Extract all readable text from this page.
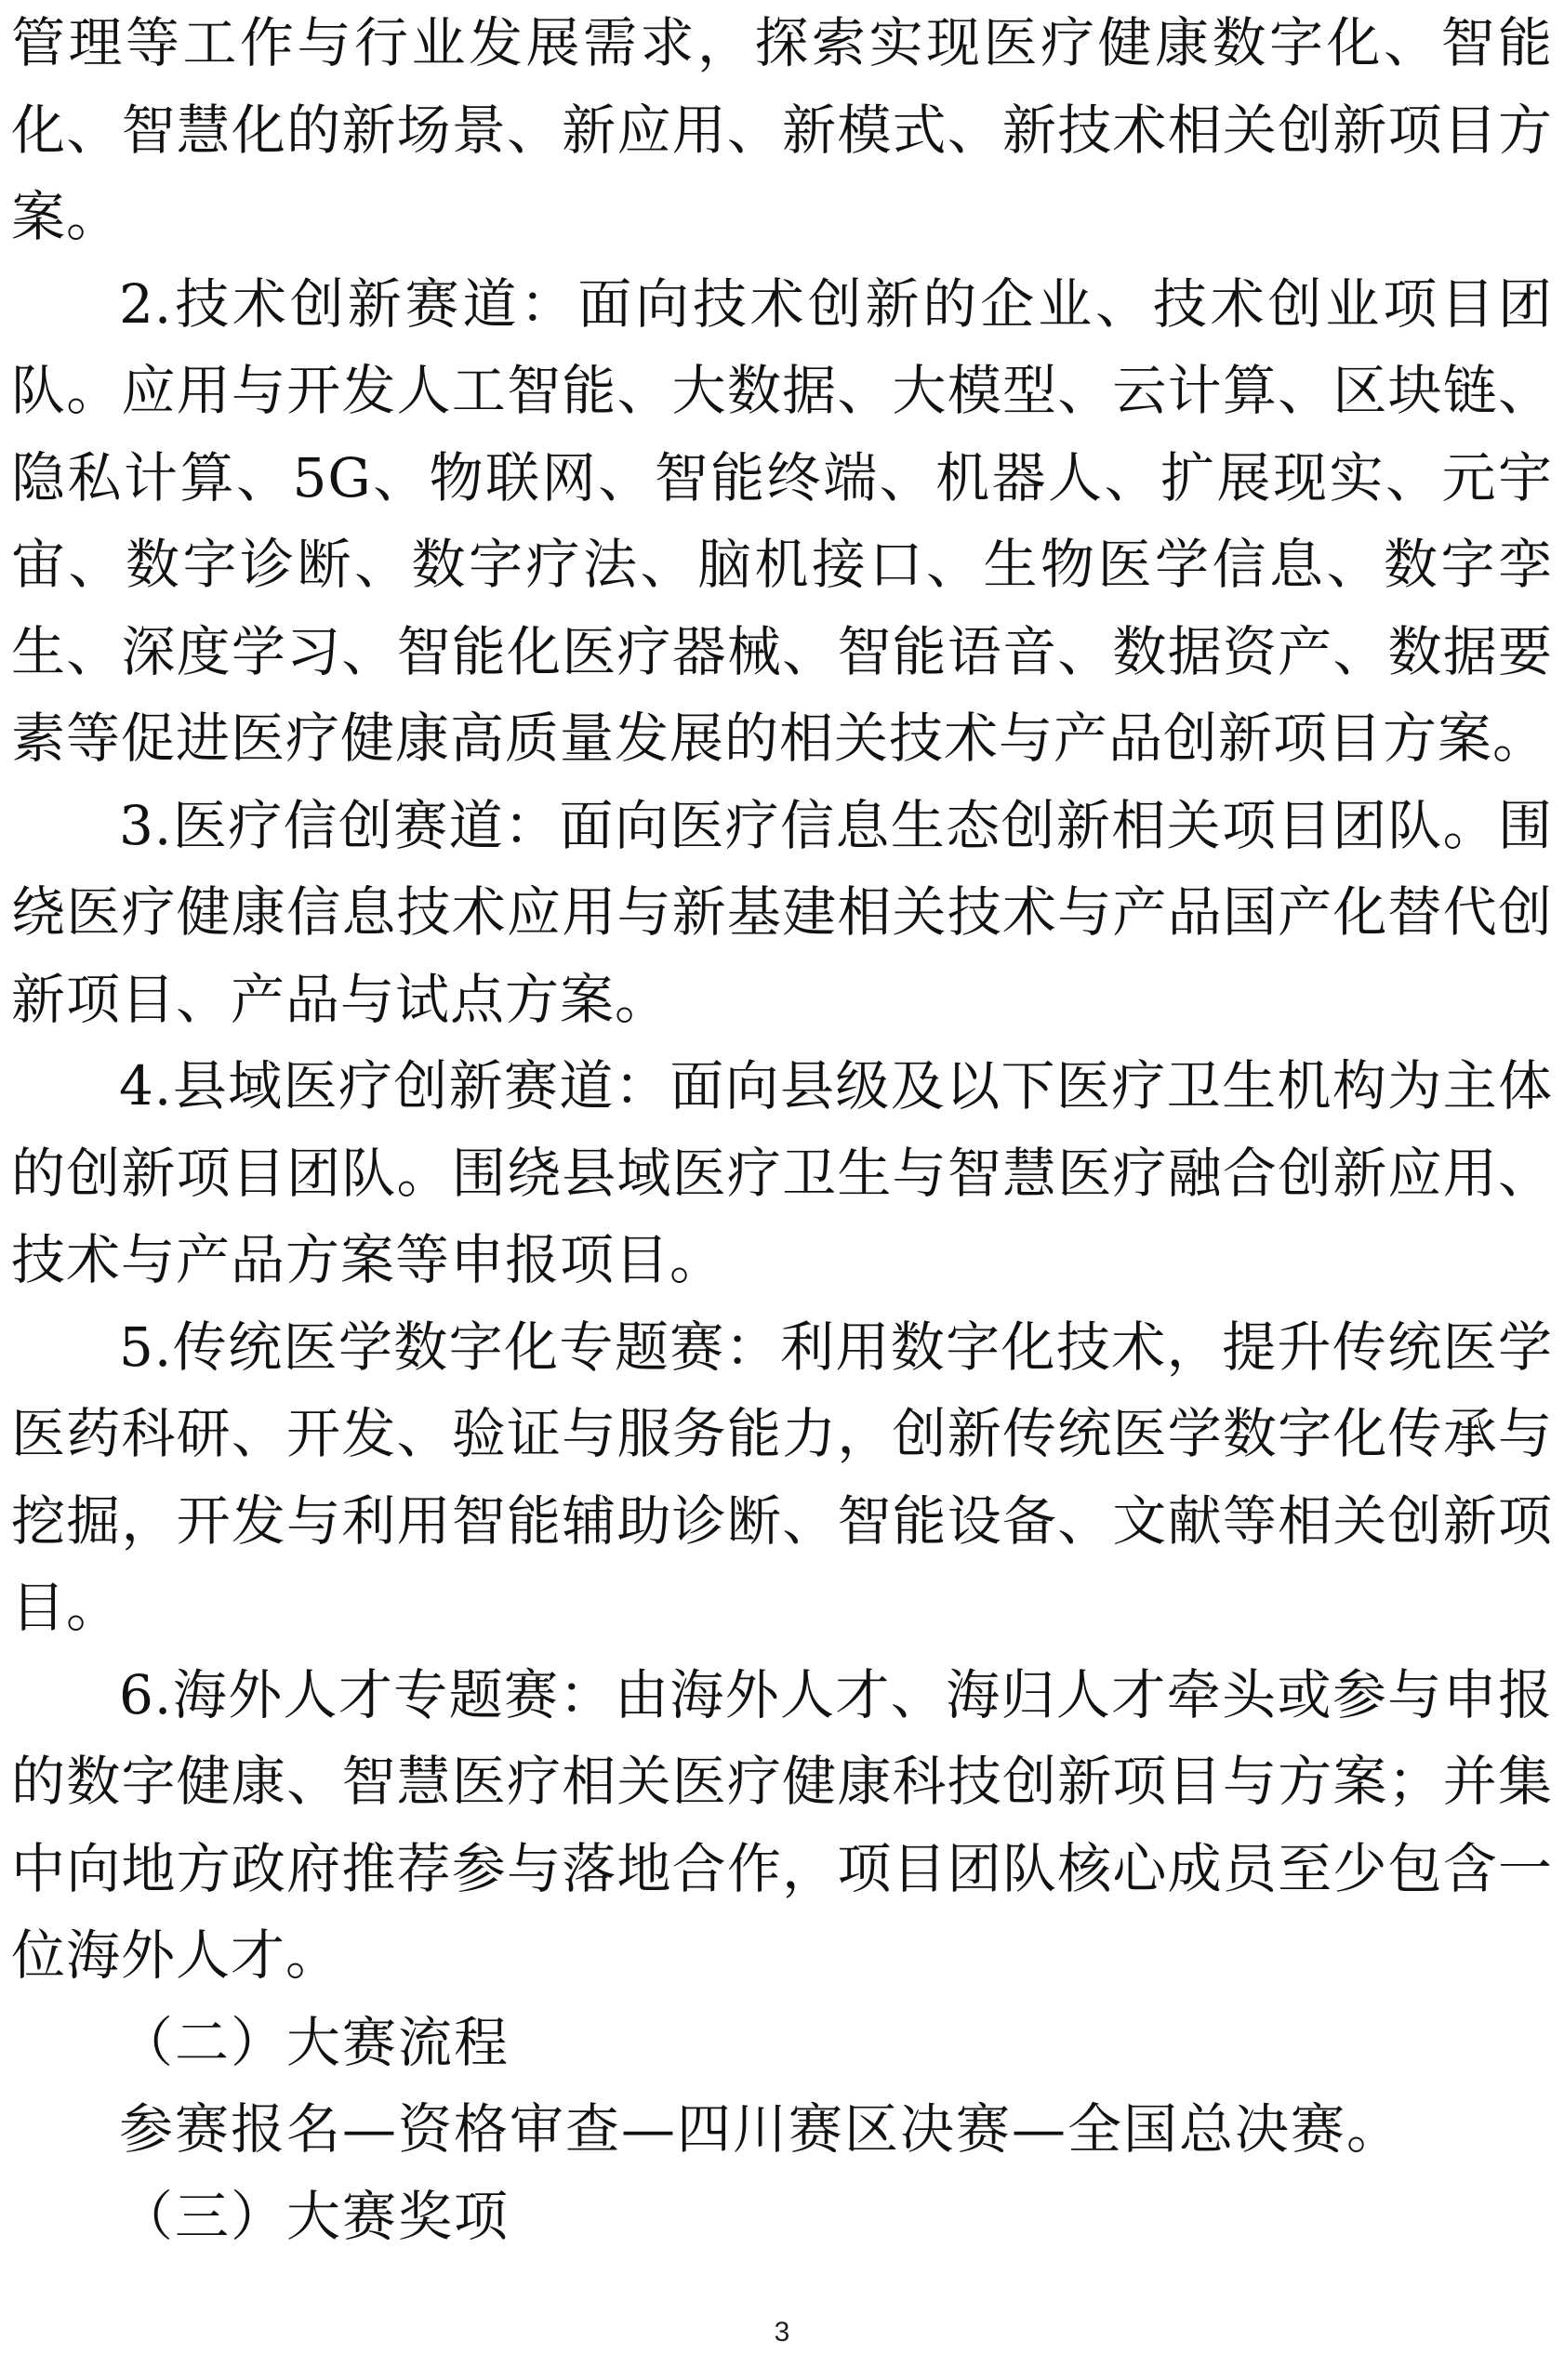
管理等工作与行业发展需求，探索实现医疗健康数字化、智能化、智慧化的新场景、新应用、新模式、新技术相关创新项目方案。

2.技术创新赛道：面向技术创新的企业、技术创业项目团队。应用与开发人工智能、大数据、大模型、云计算、区块链、隐私计算、5G、物联网、智能终端、机器人、扩展现实、元宇宙、数字诊断、数字疗法、脑机接口、生物医学信息、数字孪生、深度学习、智能化医疗器械、智能语音、数据资产、数据要素等促进医疗健康高质量发展的相关技术与产品创新项目方案。

3.医疗信创赛道：面向医疗信息生态创新相关项目团队。围绕医疗健康信息技术应用与新基建相关技术与产品国产化替代创新项目、产品与试点方案。

4.县域医疗创新赛道：面向县级及以下医疗卫生机构为主体的创新项目团队。围绕县域医疗卫生与智慧医疗融合创新应用、技术与产品方案等申报项目。

5.传统医学数字化专题赛：利用数字化技术，提升传统医学医药科研、开发、验证与服务能力，创新传统医学数字化传承与挖掘，开发与利用智能辅助诊断、智能设备、文献等相关创新项目。

6.海外人才专题赛：由海外人才、海归人才牵头或参与申报的数字健康、智慧医疗相关医疗健康科技创新项目与方案；并集中向地方政府推荐参与落地合作，项目团队核心成员至少包含一位海外人才。

（二）大赛流程

参赛报名—资格审查—四川赛区决赛—全国总决赛。

（三）大赛奖项

3
